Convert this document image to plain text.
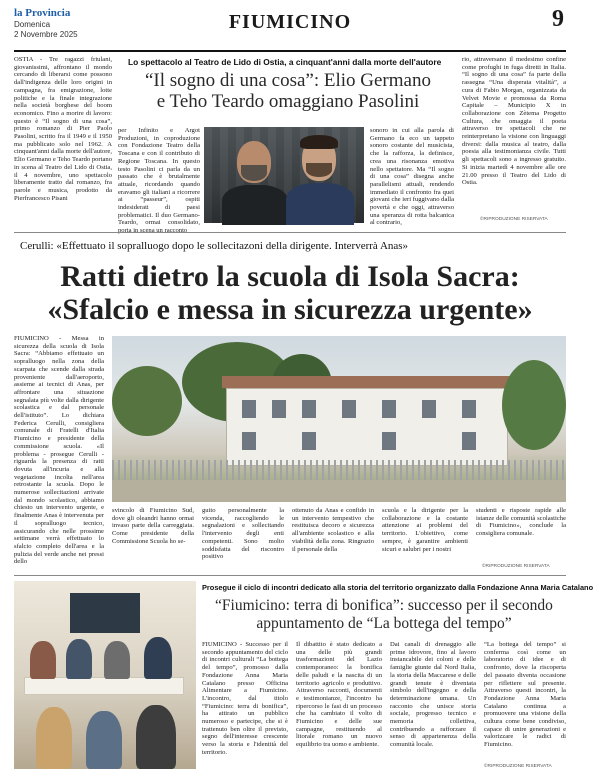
la Provincia
Domenica
2 Novembre 2025
FIUMICINO	9
OSTIA - Tre ragazzi friulani, giovanissimi, affrontano il mondo cercando di liberarsi come possono dall'indigenza delle loro origini in campagna, fra emigrazione, lotte politiche e la finale integrazione nella società borghese del boom economico. Fino a morire di lavoro: questo è “Il sogno di una cosa”, primo romanzo di Pier Paolo Pasolini, scritto fra il 1949 e il 1950 ma pubblicato solo nel 1962. A cinquant'anni dalla morte dell'autore, Elio Germano e Teho Teardo portano in scena al Teatro del Lido di Ostia, il 4 novembre, uno spettacolo liberamente tratto dal romanzo, fra parole e musica, prodotto da Pierfrancesco Pisani
Lo spettacolo al Teatro de Lido di Ostia, a cinquant'anni dalla morte dell'autore
“Il sogno di una cosa”: Elio Germano
e Teho Teardo omaggiano Pasolini
per Infinito e Argot Produzioni, in coproduzione con Fondazione Teatro della Toscana e con il contributo di Regione Toscana. In questo testo Pasolini ci parla da un passato che è brutalmente attuale, ricordando quando eravamo gli italiani a ricorrere ai “passeur”, ospiti indesiderati di paesi problematici. Il duo Germano-Teardo, ormai consolidato, porta in scena un racconto
sonoro in cui alla parola di Germano fa eco un tappeto sonoro costante del musicista, che la rafforza, la definisce, crea una risonanza emotiva nello spettatore. Ma “Il sogno di una cosa” disegna anche parallelismi attuali, rendendo immediato il confronto fra quei giovani che ieri fuggivano dalla povertà e che oggi, attraverso una speranza di rotta balcanica al contrario,
rio, attraversano il medesimo confine come profughi in fuga diretti in Italia. “Il sogno di una cosa” fa parte della rassegna “Una disperata vitalità”, a cura di Fabio Morgan, organizzata da Velvet Movie e promossa da Roma Capitale – Municipio X in collaborazione con Zètema Progetto Cultura, che omaggia il poeta attraverso tre spettacoli che ne reinterpretano la visione con linguaggi diversi: dalla musica al teatro, dalla poesia alla testimonianza civile. Tutti gli spettacoli sono a ingresso gratuito. Si inizia martedì 4 novembre alle ore 21.00 presso il Teatro del Lido di Ostia.
©RIPRODUZIONE RISERVATA
Cerulli: «Effettuato il sopralluogo dopo le sollecitazoni della dirigente. Interverrà Anas»
Ratti dietro la scuola di Isola Sacra:
«Sfalcio e messa in sicurezza urgente»
FIUMICINO - Messa in sicurezza della scuola di Isola Sacra: “Abbiamo effettuato un sopralluogo nella zona della scarpata che scende dalla strada proveniente dall'aeroporto, assieme ai tecnici di Anas, per affrontare una situazione segnalata più volte dalla dirigente scolastica e dal personale dell'istituto”. Lo dichiara Federica Cerulli, consigliera comunale di Fratelli d'Italia Fiumicino e presidente della commissione scuola. «Il problema - prosegue Cerulli - riguarda la presenza di ratti dovuta all'incuria e alla vegetazione incolta nell'area retrostante la scuola. Dopo le numerose sollecitazioni arrivate dal mondo scolastico, abbiamo chiesto un intervento urgente, e finalmente Anas è intervenuta per il sopralluogo tecnico, assicurando che nelle prossime settimane verrà effettuato lo sfalcio completo dell'area e la pulizia del verde anche nei pressi dello
svincolo di Fiumicino Sud, dove gli oleandri hanno ormai invaso parte della carreggiata. Come presidente della Commissione Scuola ho se-
guito personalmente la vicenda, raccogliendo le segnalazioni e sollecitando l'intervento degli enti competenti. Sono molto soddisfatta del riscontro positivo
ottenuto da Anas e confido in un intervento tempestivo che restituisca decoro e sicurezza all'ambiente scolastico e alla viabilità della zona. Ringrazio il personale della
scuola e la dirigente per la collaborazione e la costante attenzione ai problemi del territorio. L'obiettivo, come sempre, è garantire ambienti sicuri e salubri per i nostri
studenti e risposte rapide alle istanze delle comunità scolastiche di Fiumicino», conclude la consigliera comunale.
©RIPRODUZIONE RISERVATA
Prosegue il ciclo di incontri dedicato alla storia del territorio organizzato dalla Fondazione Anna Maria Catalano
“Fiumicino: terra di bonifica”: successo per il secondo
appuntamento de “La bottega del tempo”
FIUMICINO - Successo per il secondo appuntamento del ciclo di incontri culturali “La bottega del tempo”, promosso dalla Fondazione Anna Maria Catalano presso Officina Alimentare a Fiumicino. L'incontro, dal titolo “Fiumicino: terra di bonifica”, ha attirato un pubblico numeroso e partecipe, che si è trattenuto ben oltre il previsto, segno dell'interesse crescente verso la storia e l'identità del territorio.
Il dibattito è stato dedicato a una delle più grandi trasformazioni del Lazio contemporaneo: la bonifica delle paludi e la nascita di un territorio agricolo e produttivo. Attraverso racconti, documenti e testimonianze, l'incontro ha ripercorso le fasi di un processo che ha cambiato il volto di Fiumicino e delle sue campagne, restituendo al litorale romano un nuovo equilibrio tra uomo e ambiente.
Dai canali di drenaggio alle prime idrovore, fino al lavoro instancabile dei coloni e delle famiglie giunte dal Nord Italia, la storia della Maccarese e delle grandi tenute è diventata simbolo dell'ingegno e della determinazione umana. Un racconto che unisce storia sociale, progresso tecnico e memoria collettiva, contribuendo a rafforzare il senso di appartenenza della comunità locale.
“La bottega del tempo” si conferma così come un laboratorio di idee e di confronto, dove la riscoperta del passato diventa occasione per riflettere sul presente. Attraverso questi incontri, la Fondazione Anna Maria Catalano continua a promuovere una visione della cultura come bene condiviso, capace di unire generazioni e valorizzare le radici di Fiumicino.
©RIPRODUZIONE RISERVATA
